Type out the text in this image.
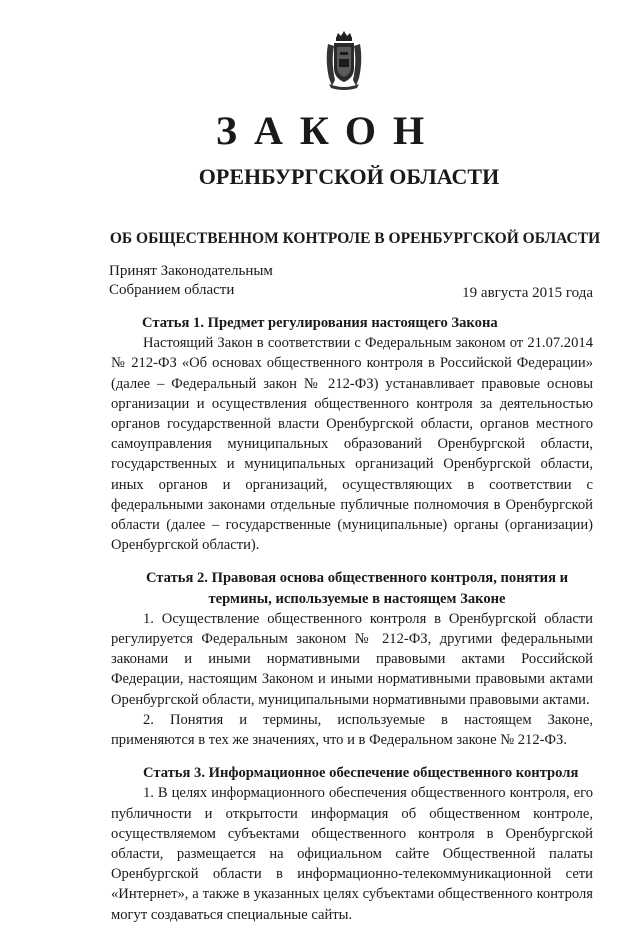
ЗАКОН
ОРЕНБУРГСКОЙ ОБЛАСТИ
ОБ ОБЩЕСТВЕННОМ КОНТРОЛЕ В ОРЕНБУРГСКОЙ ОБЛАСТИ
Принят Законодательным
Собранием области	19 августа 2015 года
Статья 1. Предмет регулирования настоящего Закона

Настоящий Закон в соответствии с Федеральным законом от 21.07.2014 № 212-ФЗ «Об основах общественного контроля в Российской Федерации» (далее – Федеральный закон № 212-ФЗ) устанавливает правовые основы организации и осуществления общественного контроля за деятельностью органов государственной власти Оренбургской области, органов местного самоуправления муниципальных образований Оренбургской области, государственных и муниципальных организаций Оренбургской области, иных органов и организаций, осуществляющих в соответствии с федеральными законами отдельные публичные полномочия в Оренбургской области (далее – государственные (муниципальные) органы (организации) Оренбургской области).

Статья 2. Правовая основа общественного контроля, понятия и термины, используемые в настоящем Законе

1. Осуществление общественного контроля в Оренбургской области регулируется Федеральным законом № 212-ФЗ, другими федеральными законами и иными нормативными правовыми актами Российской Федерации, настоящим Законом и иными нормативными правовыми актами Оренбургской области, муниципальными нормативными правовыми актами.

2. Понятия и термины, используемые в настоящем Законе, применяются в тех же значениях, что и в Федеральном законе № 212-ФЗ.

Статья 3. Информационное обеспечение общественного контроля

1. В целях информационного обеспечения общественного контроля, его публичности и открытости информация об общественном контроле, осуществляемом субъектами общественного контроля в Оренбургской области, размещается на официальном сайте Общественной палаты Оренбургской области в информационно-телекоммуникационной сети «Интернет», а также в указанных целях субъектами общественного контроля могут создаваться специальные сайты.
